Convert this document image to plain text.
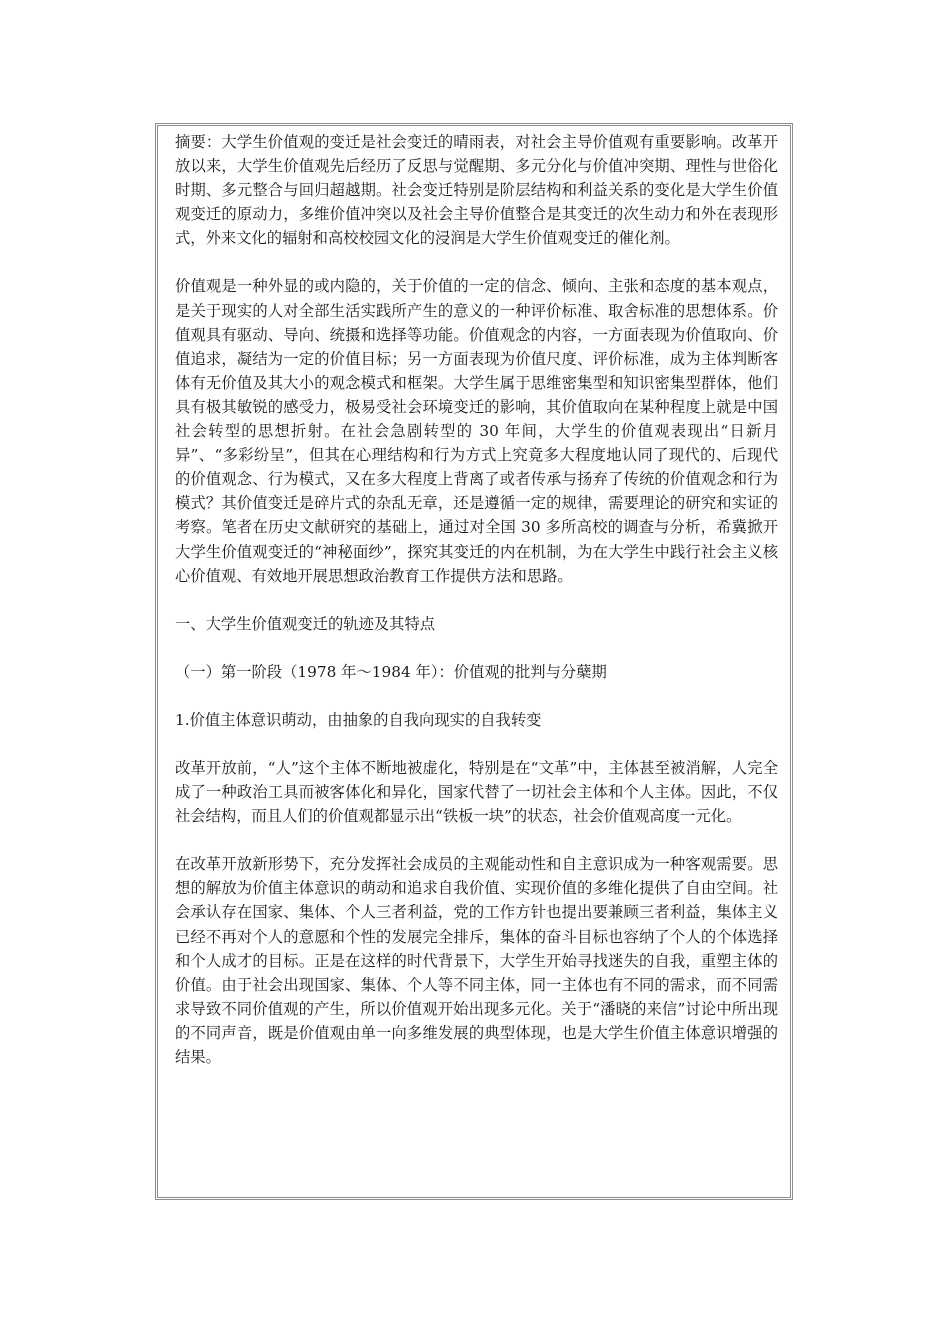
摘要：大学生价值观的变迁是社会变迁的晴雨表，对社会主导价值观有重要影响。改革开放以来，大学生价值观先后经历了反思与觉醒期、多元分化与价值冲突期、理性与世俗化时期、多元整合与回归超越期。社会变迁特别是阶层结构和利益关系的变化是大学生价值观变迁的原动力，多维价值冲突以及社会主导价值整合是其变迁的次生动力和外在表现形式，外来文化的辐射和高校校园文化的浸润是大学生价值观变迁的催化剂。

价值观是一种外显的或内隐的，关于价值的一定的信念、倾向、主张和态度的基本观点，是关于现实的人对全部生活实践所产生的意义的一种评价标准、取舍标准的思想体系。价值观具有驱动、导向、统摄和选择等功能。价值观念的内容，一方面表现为价值取向、价值追求，凝结为一定的价值目标；另一方面表现为价值尺度、评价标准，成为主体判断客体有无价值及其大小的观念模式和框架。大学生属于思维密集型和知识密集型群体，他们具有极其敏锐的感受力，极易受社会环境变迁的影响，其价值取向在某种程度上就是中国社会转型的思想折射。在社会急剧转型的 30 年间，大学生的价值观表现出“日新月异”、“多彩纷呈”，但其在心理结构和行为方式上究竟多大程度地认同了现代的、后现代的价值观念、行为模式，又在多大程度上背离了或者传承与扬弃了传统的价值观念和行为模式？其价值变迁是碎片式的杂乱无章，还是遵循一定的规律，需要理论的研究和实证的考察。笔者在历史文献研究的基础上，通过对全国 30 多所高校的调查与分析，希冀掀开大学生价值观变迁的“神秘面纱”，探究其变迁的内在机制，为在大学生中践行社会主义核心价值观、有效地开展思想政治教育工作提供方法和思路。

一、大学生价值观变迁的轨迹及其特点

（一）第一阶段（1978 年～1984 年）：价值观的批判与分蘖期

1.价值主体意识萌动，由抽象的自我向现实的自我转变

改革开放前，“人”这个主体不断地被虚化，特别是在“文革”中，主体甚至被消解，人完全成了一种政治工具而被客体化和异化，国家代替了一切社会主体和个人主体。因此，不仅社会结构，而且人们的价值观都显示出“铁板一块”的状态，社会价值观高度一元化。

在改革开放新形势下，充分发挥社会成员的主观能动性和自主意识成为一种客观需要。思想的解放为价值主体意识的萌动和追求自我价值、实现价值的多维化提供了自由空间。社会承认存在国家、集体、个人三者利益，党的工作方针也提出要兼顾三者利益，集体主义已经不再对个人的意愿和个性的发展完全排斥，集体的奋斗目标也容纳了个人的个体选择和个人成才的目标。正是在这样的时代背景下，大学生开始寻找迷失的自我，重塑主体的价值。由于社会出现国家、集体、个人等不同主体，同一主体也有不同的需求，而不同需求导致不同价值观的产生，所以价值观开始出现多元化。关于“潘晓的来信”讨论中所出现的不同声音，既是价值观由单一向多维发展的典型体现，也是大学生价值主体意识增强的结果。
